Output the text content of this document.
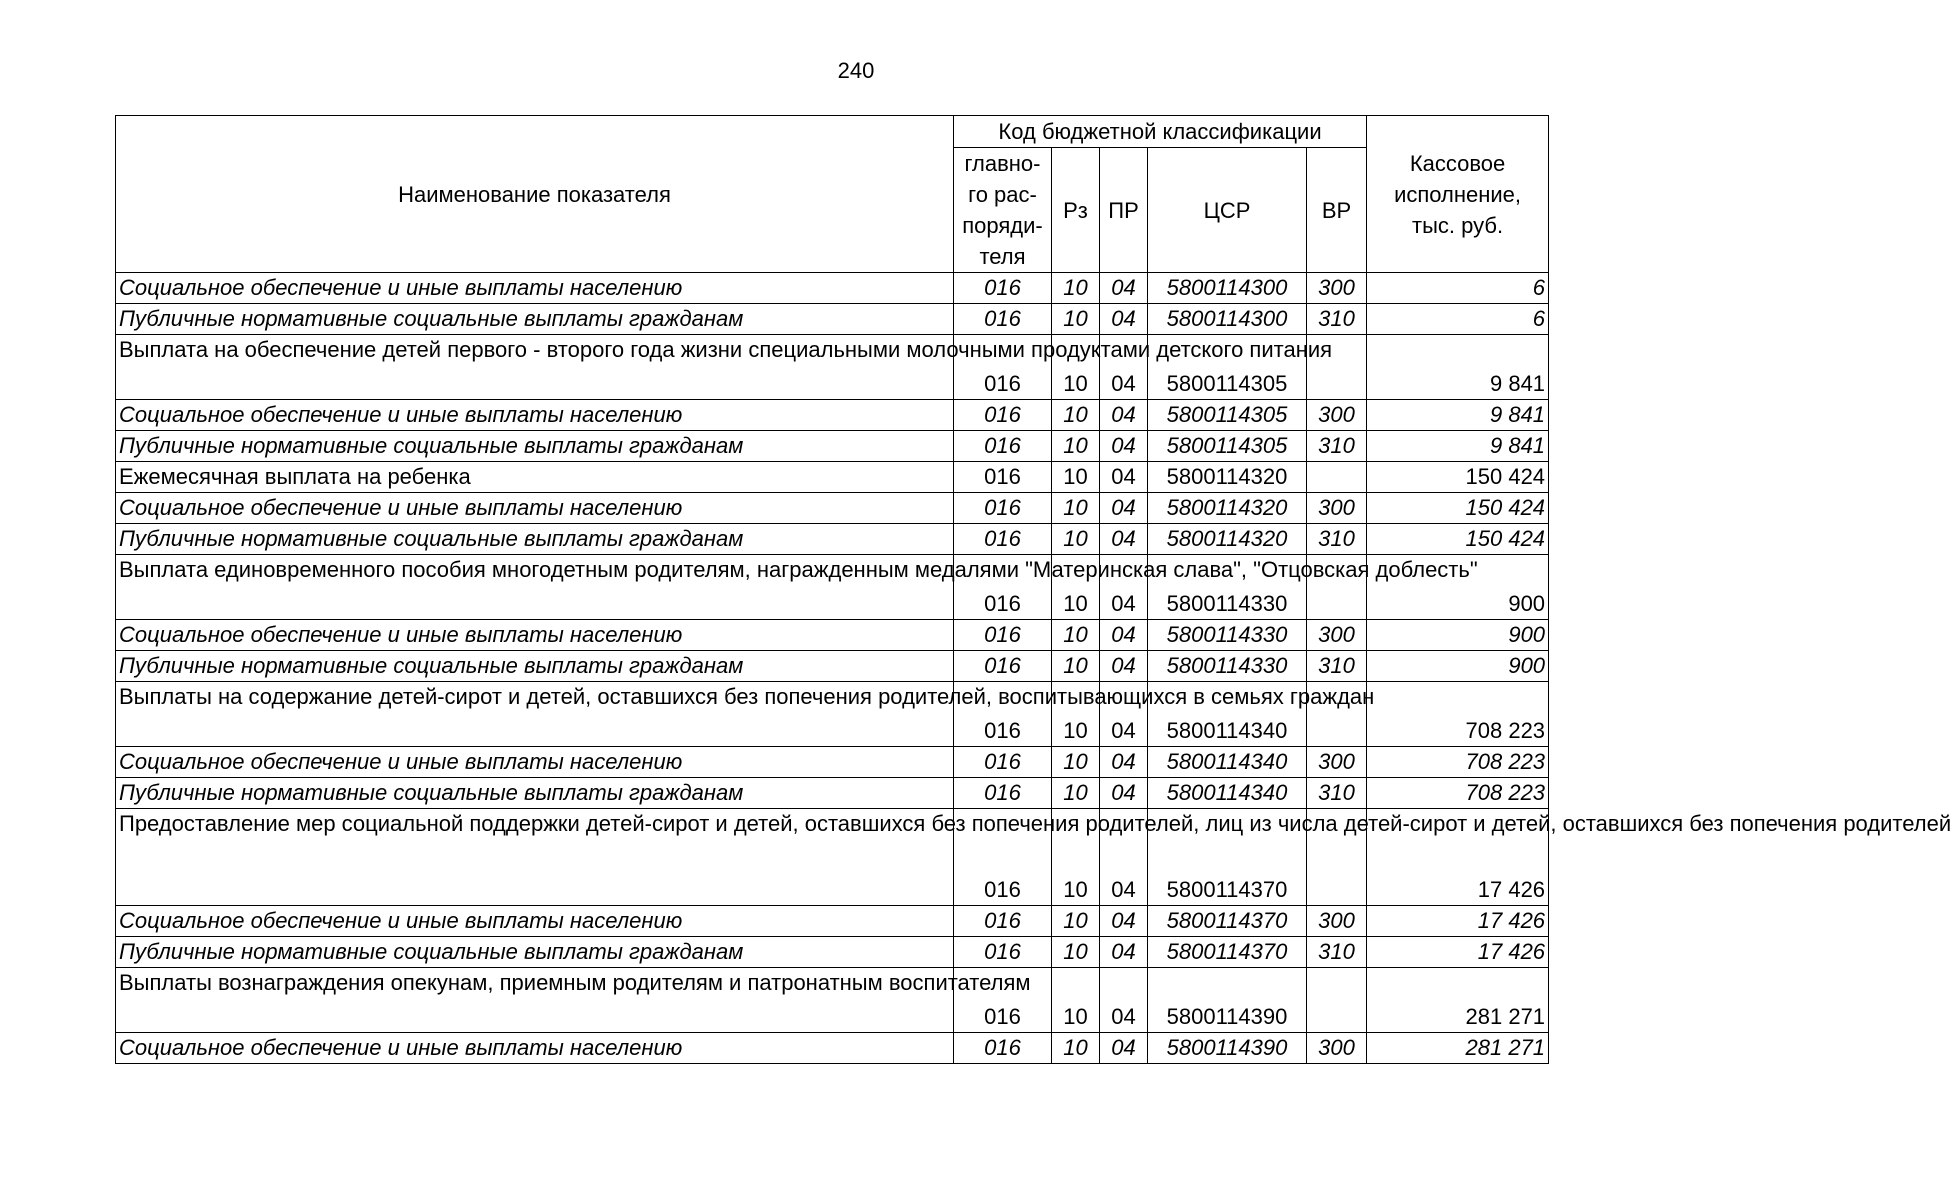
240
Наименование показателя	Код бюджетной классификации					Кассовое исполнение, тыс. руб.
	главно-го рас-поряди-теля	Рз	ПР	ЦСР	ВР	
Социальное обеспечение и иные выплаты населению	016	10	04	5800114300	300	6
Публичные нормативные социальные выплаты гражданам	016	10	04	5800114300	310	6
Выплата на обеспечение детей первого - второго года жизни специальными молочными продуктами детского питания	016	10	04	5800114305		9 841
Социальное обеспечение и иные выплаты населению	016	10	04	5800114305	300	9 841
Публичные нормативные социальные выплаты гражданам	016	10	04	5800114305	310	9 841
Ежемесячная выплата на ребенка	016	10	04	5800114320		150 424
Социальное обеспечение и иные выплаты населению	016	10	04	5800114320	300	150 424
Публичные нормативные социальные выплаты гражданам	016	10	04	5800114320	310	150 424
Выплата единовременного пособия многодетным родителям, награжденным медалями "Материнская слава", "Отцовская доблесть"	016	10	04	5800114330		900
Социальное обеспечение и иные выплаты населению	016	10	04	5800114330	300	900
Публичные нормативные социальные выплаты гражданам	016	10	04	5800114330	310	900
Выплаты на содержание детей-сирот и детей, оставшихся без попечения родителей, воспитывающихся в семьях граждан	016	10	04	5800114340		708 223
Социальное обеспечение и иные выплаты населению	016	10	04	5800114340	300	708 223
Публичные нормативные социальные выплаты гражданам	016	10	04	5800114340	310	708 223
Предоставление мер социальной поддержки детей-сирот и детей, оставшихся без попечения родителей, лиц из числа детей-сирот и детей, оставшихся без попечения родителей	016	10	04	5800114370		17 426
Социальное обеспечение и иные выплаты населению	016	10	04	5800114370	300	17 426
Публичные нормативные социальные выплаты гражданам	016	10	04	5800114370	310	17 426
Выплаты вознаграждения опекунам, приемным родителям и патронатным воспитателям	016	10	04	5800114390		281 271
Социальное обеспечение и иные выплаты населению	016	10	04	5800114390	300	281 271
